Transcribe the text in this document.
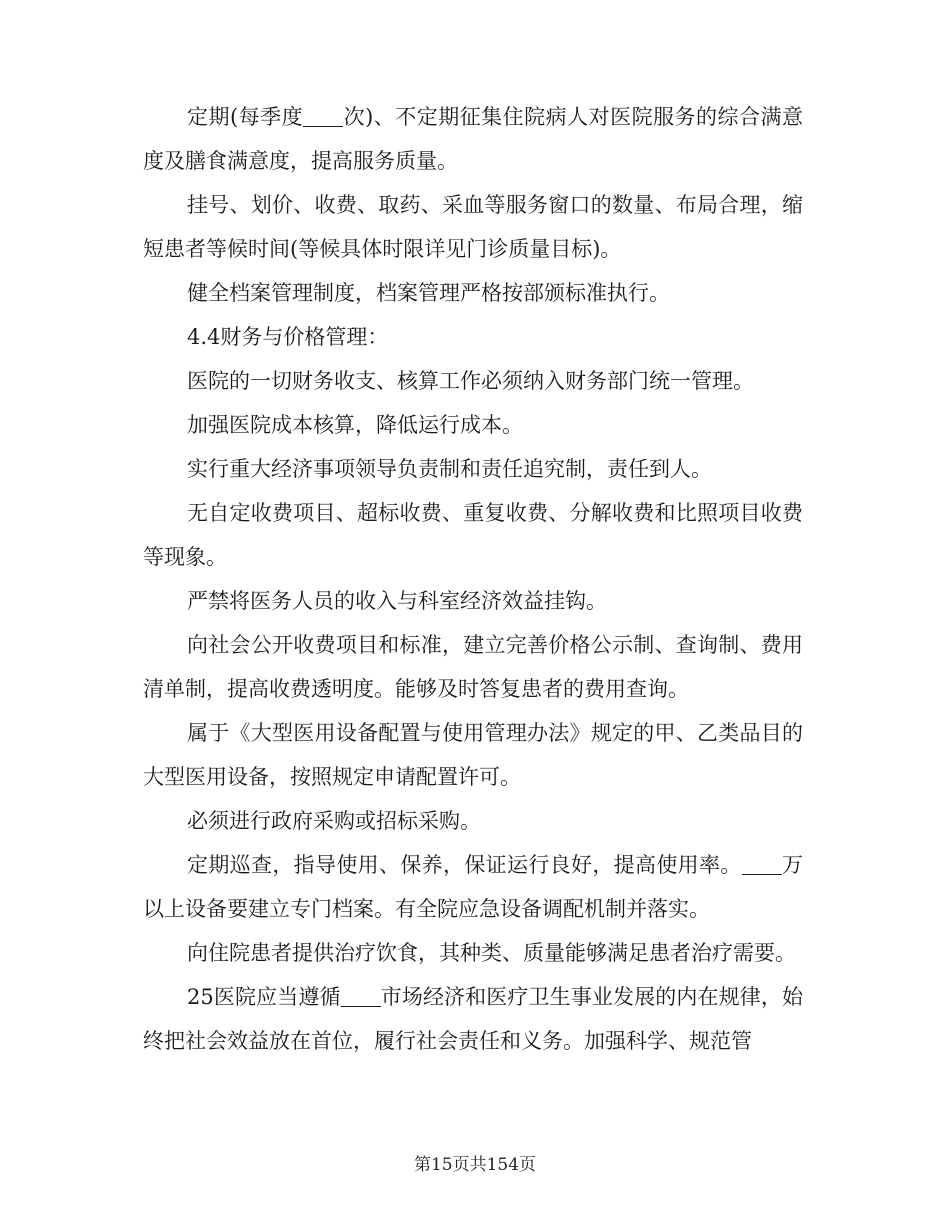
定期(每季度 次)、不定期征集住院病人对医院服务的综合满意度及膳食满意度，提高服务质量。

挂号、划价、收费、取药、采血等服务窗口的数量、布局合理，缩短患者等候时间(等候具体时限详见门诊质量目标)。

健全档案管理制度，档案管理严格按部颁标准执行。

4.4财务与价格管理：

医院的一切财务收支、核算工作必须纳入财务部门统一管理。

加强医院成本核算，降低运行成本。

实行重大经济事项领导负责制和责任追究制，责任到人。

无自定收费项目、超标收费、重复收费、分解收费和比照项目收费等现象。

严禁将医务人员的收入与科室经济效益挂钩。

向社会公开收费项目和标准，建立完善价格公示制、查询制、费用清单制，提高收费透明度。能够及时答复患者的费用查询。

属于《大型医用设备配置与使用管理办法》规定的甲、乙类品目的大型医用设备，按照规定申请配置许可。

必须进行政府采购或招标采购。

定期巡查，指导使用、保养，保证运行良好，提高使用率。 万以上设备要建立专门档案。有全院应急设备调配机制并落实。

向住院患者提供治疗饮食，其种类、质量能够满足患者治疗需要。

25医院应当遵循 市场经济和医疗卫生事业发展的内在规律，始终把社会效益放在首位，履行社会责任和义务。加强科学、规范管

第15页共154页
